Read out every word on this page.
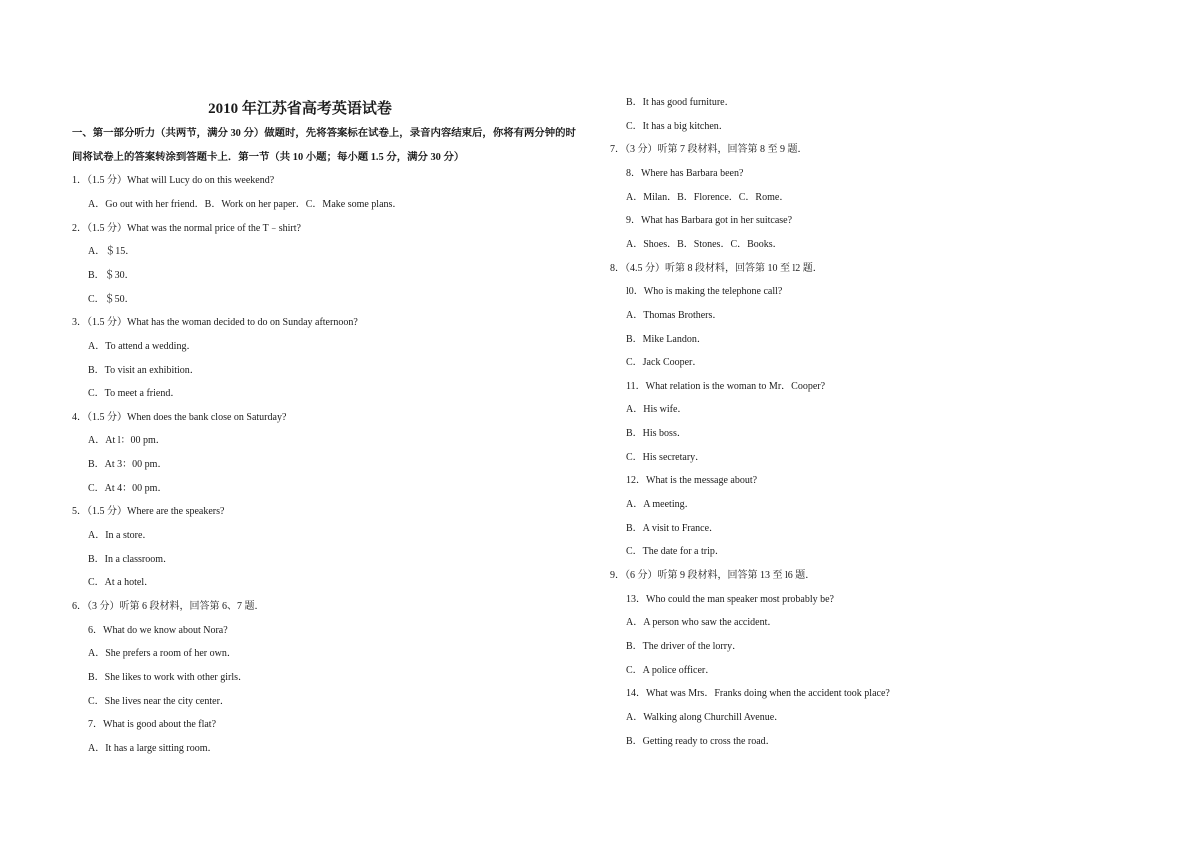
2010 年江苏省高考英语试卷
一、第一部分听力（共两节，满分 30 分）做题时，先将答案标在试卷上，录音内容结束后，你将有两分钟的时
间将试卷上的答案转涂到答题卡上．第一节（共 10 小题；每小题 1.5 分，满分 30 分）
1．（1.5 分）What will Lucy do on this weekend?
A．Go out with her friend．B．Work on her paper．C．Make some plans．
2．（1.5 分）What was the normal price of the T﹣shirt?
A．＄15．
B．＄30．
C．＄50．
3．（1.5 分）What has the woman decided to do on Sunday afternoon?
A．To attend a wedding．
B．To visit an exhibition．
C．To meet a friend．
4．（1.5 分）When does the bank close on Saturday?
A．At l：00 pm．
B．At 3：00 pm．
C．At 4：00 pm．
5．（1.5 分）Where are the speakers?
A．In a store．
B．In a classroom．
C．At a hotel．
6．（3 分）听第 6 段材料，回答第 6、7 题．
6．What do we know about Nora?
A．She prefers a room of her own．
B．She likes to work with other girls．
C．She lives near the city center．
7．What is good about the flat?
A．It has a large sitting room．
B．It has good furniture．
C．It has a big kitchen．
7．（3 分）听第 7 段材料，回答第 8 至 9 题．
8．Where has Barbara been?
A．Milan．B．Florence．C．Rome．
9．What has Barbara got in her suitcase?
A．Shoes．B．Stones．C．Books．
8．（4.5 分）听第 8 段材料，回答第 10 至 l2 题．
l0．Who is making the telephone call?
A．Thomas Brothers．
B．Mike Landon．
C．Jack Cooper．
11．What relation is the woman to Mr．Cooper?
A．His wife．
B．His boss．
C．His secretary．
12．What is the message about?
A．A meeting．
B．A visit to France．
C．The date for a trip．
9．（6 分）听第 9 段材料，回答第 13 至 l6 题．
13．Who could the man speaker most probably be?
A．A person who saw the accident．
B．The driver of the lorry．
C．A police officer．
14．What was Mrs．Franks doing when the accident took place?
A．Walking along Churchill Avenue．
B．Getting ready to cross the road．
